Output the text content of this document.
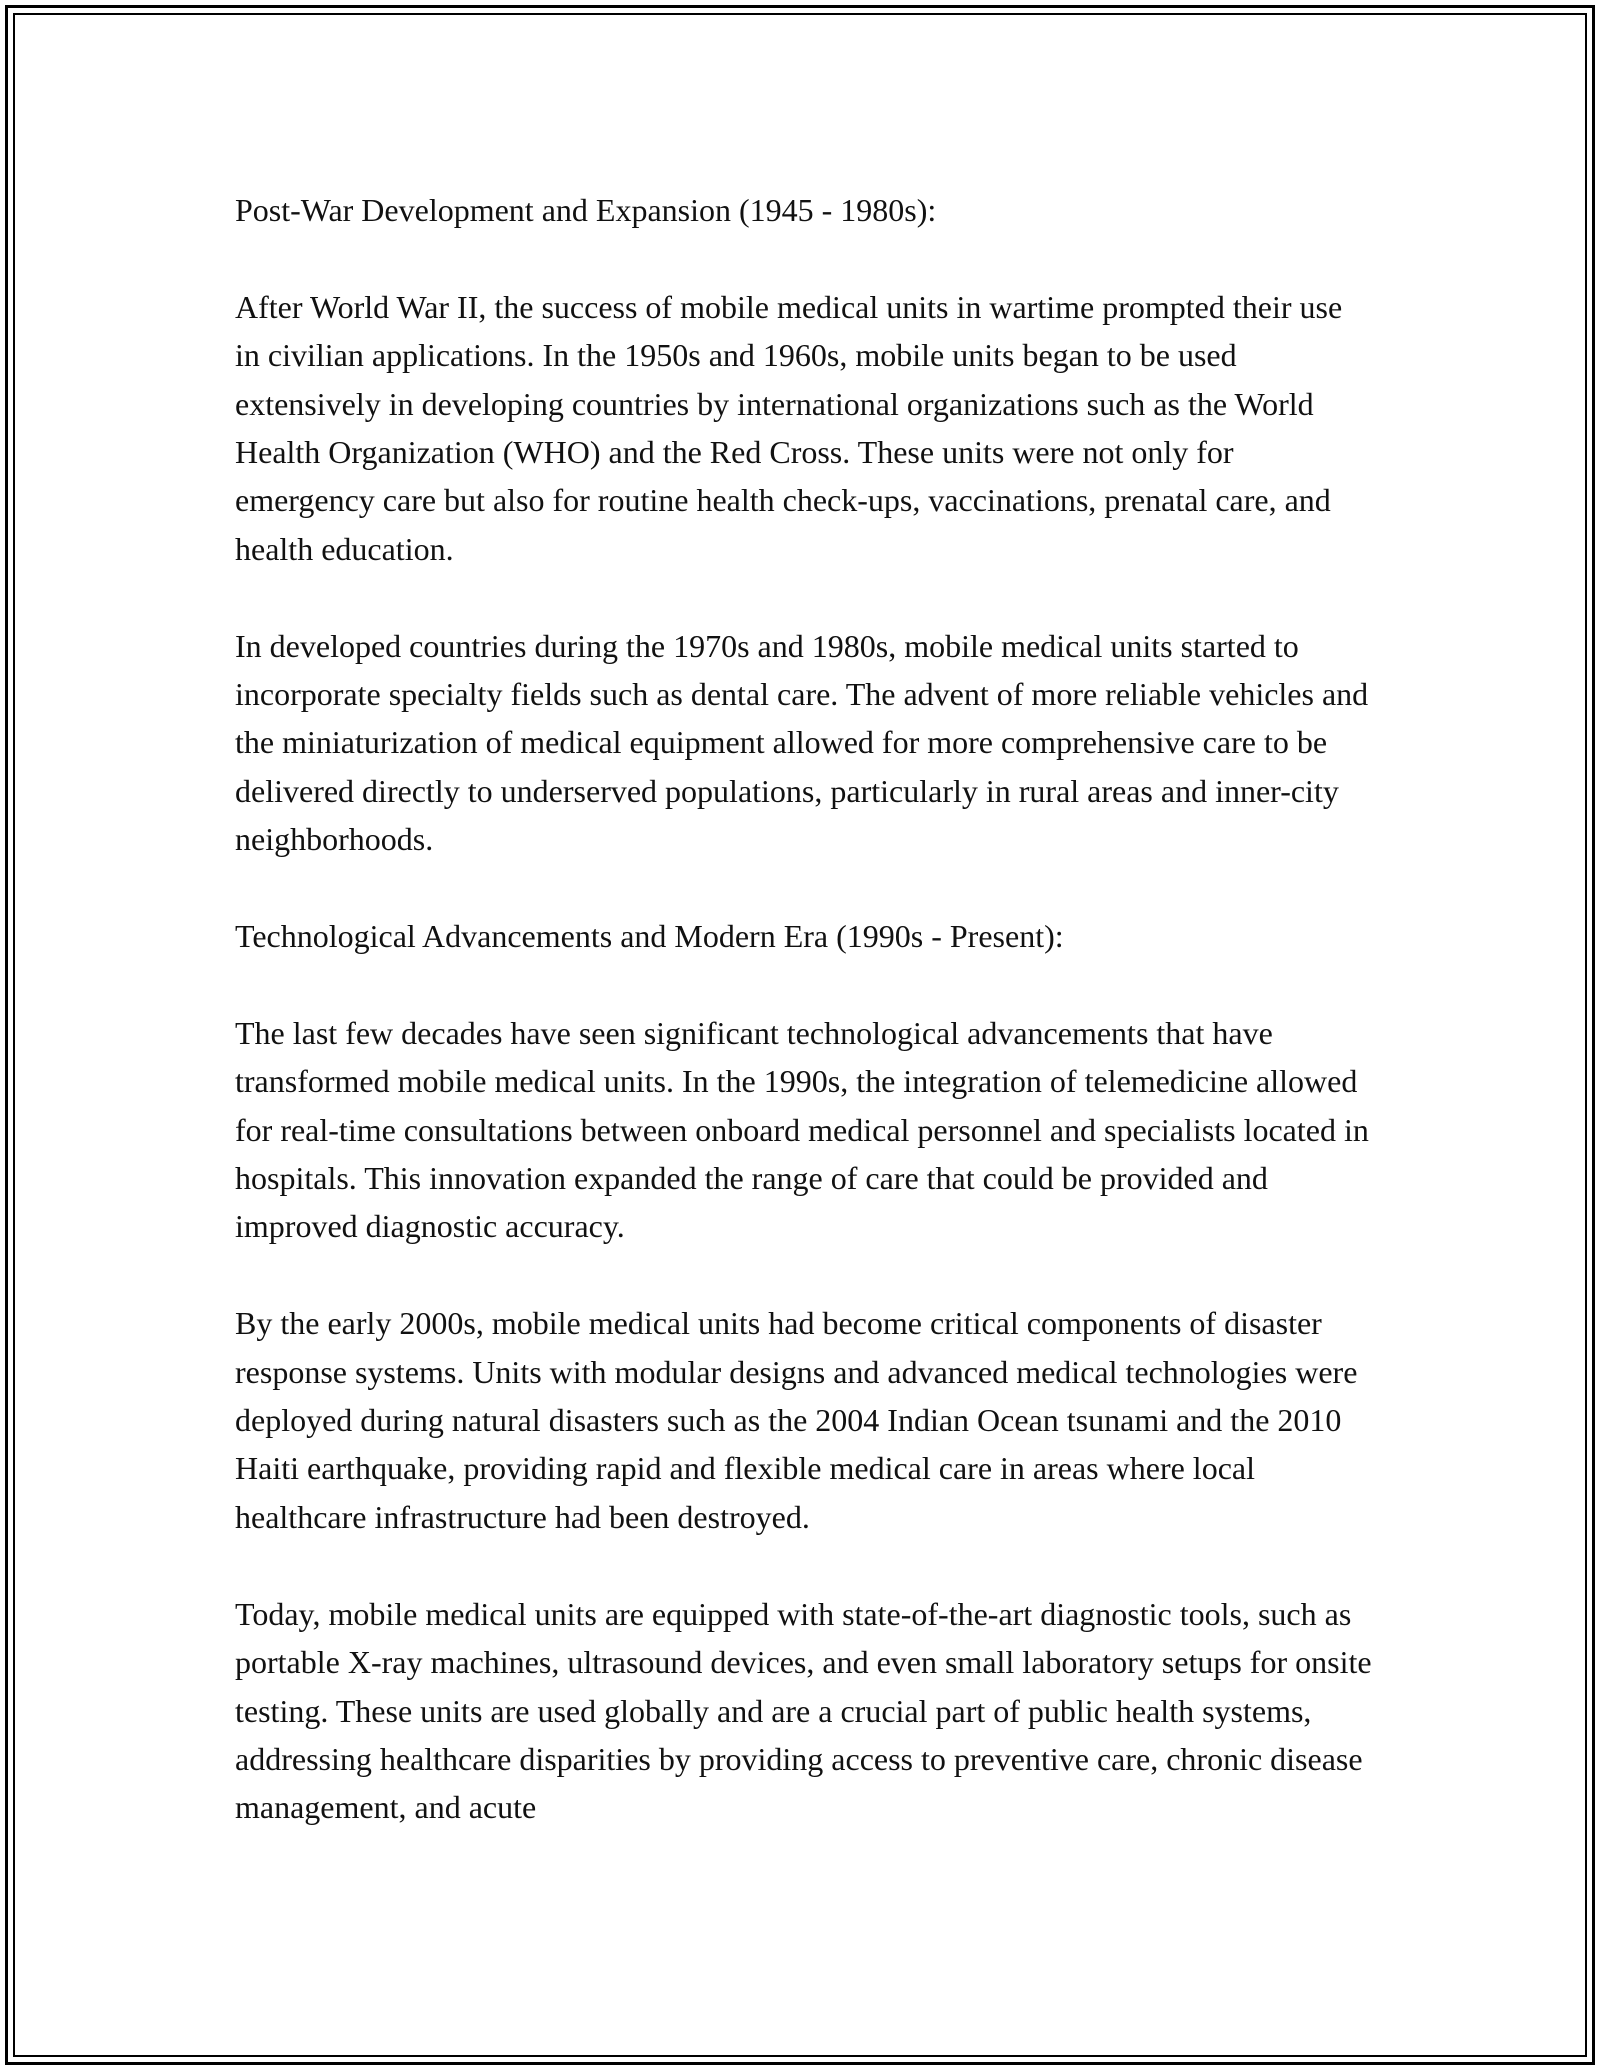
Post-War Development and Expansion (1945 - 1980s):

After World War II, the success of mobile medical units in wartime prompted their use in civilian applications. In the 1950s and 1960s, mobile units began to be used extensively in developing countries by international organizations such as the World Health Organization (WHO) and the Red Cross. These units were not only for emergency care but also for routine health check-ups, vaccinations, prenatal care, and health education.

In developed countries during the 1970s and 1980s, mobile medical units started to incorporate specialty fields such as dental care. The advent of more reliable vehicles and the miniaturization of medical equipment allowed for more comprehensive care to be delivered directly to underserved populations, particularly in rural areas and inner-city neighborhoods.

Technological Advancements and Modern Era (1990s - Present):

The last few decades have seen significant technological advancements that have transformed mobile medical units. In the 1990s, the integration of telemedicine allowed for real-time consultations between onboard medical personnel and specialists located in hospitals. This innovation expanded the range of care that could be provided and improved diagnostic accuracy.

By the early 2000s, mobile medical units had become critical components of disaster response systems. Units with modular designs and advanced medical technologies were deployed during natural disasters such as the 2004 Indian Ocean tsunami and the 2010 Haiti earthquake, providing rapid and flexible medical care in areas where local healthcare infrastructure had been destroyed.

Today, mobile medical units are equipped with state-of-the-art diagnostic tools, such as portable X-ray machines, ultrasound devices, and even small laboratory setups for onsite testing. These units are used globally and are a crucial part of public health systems, addressing healthcare disparities by providing access to preventive care, chronic disease management, and acute
